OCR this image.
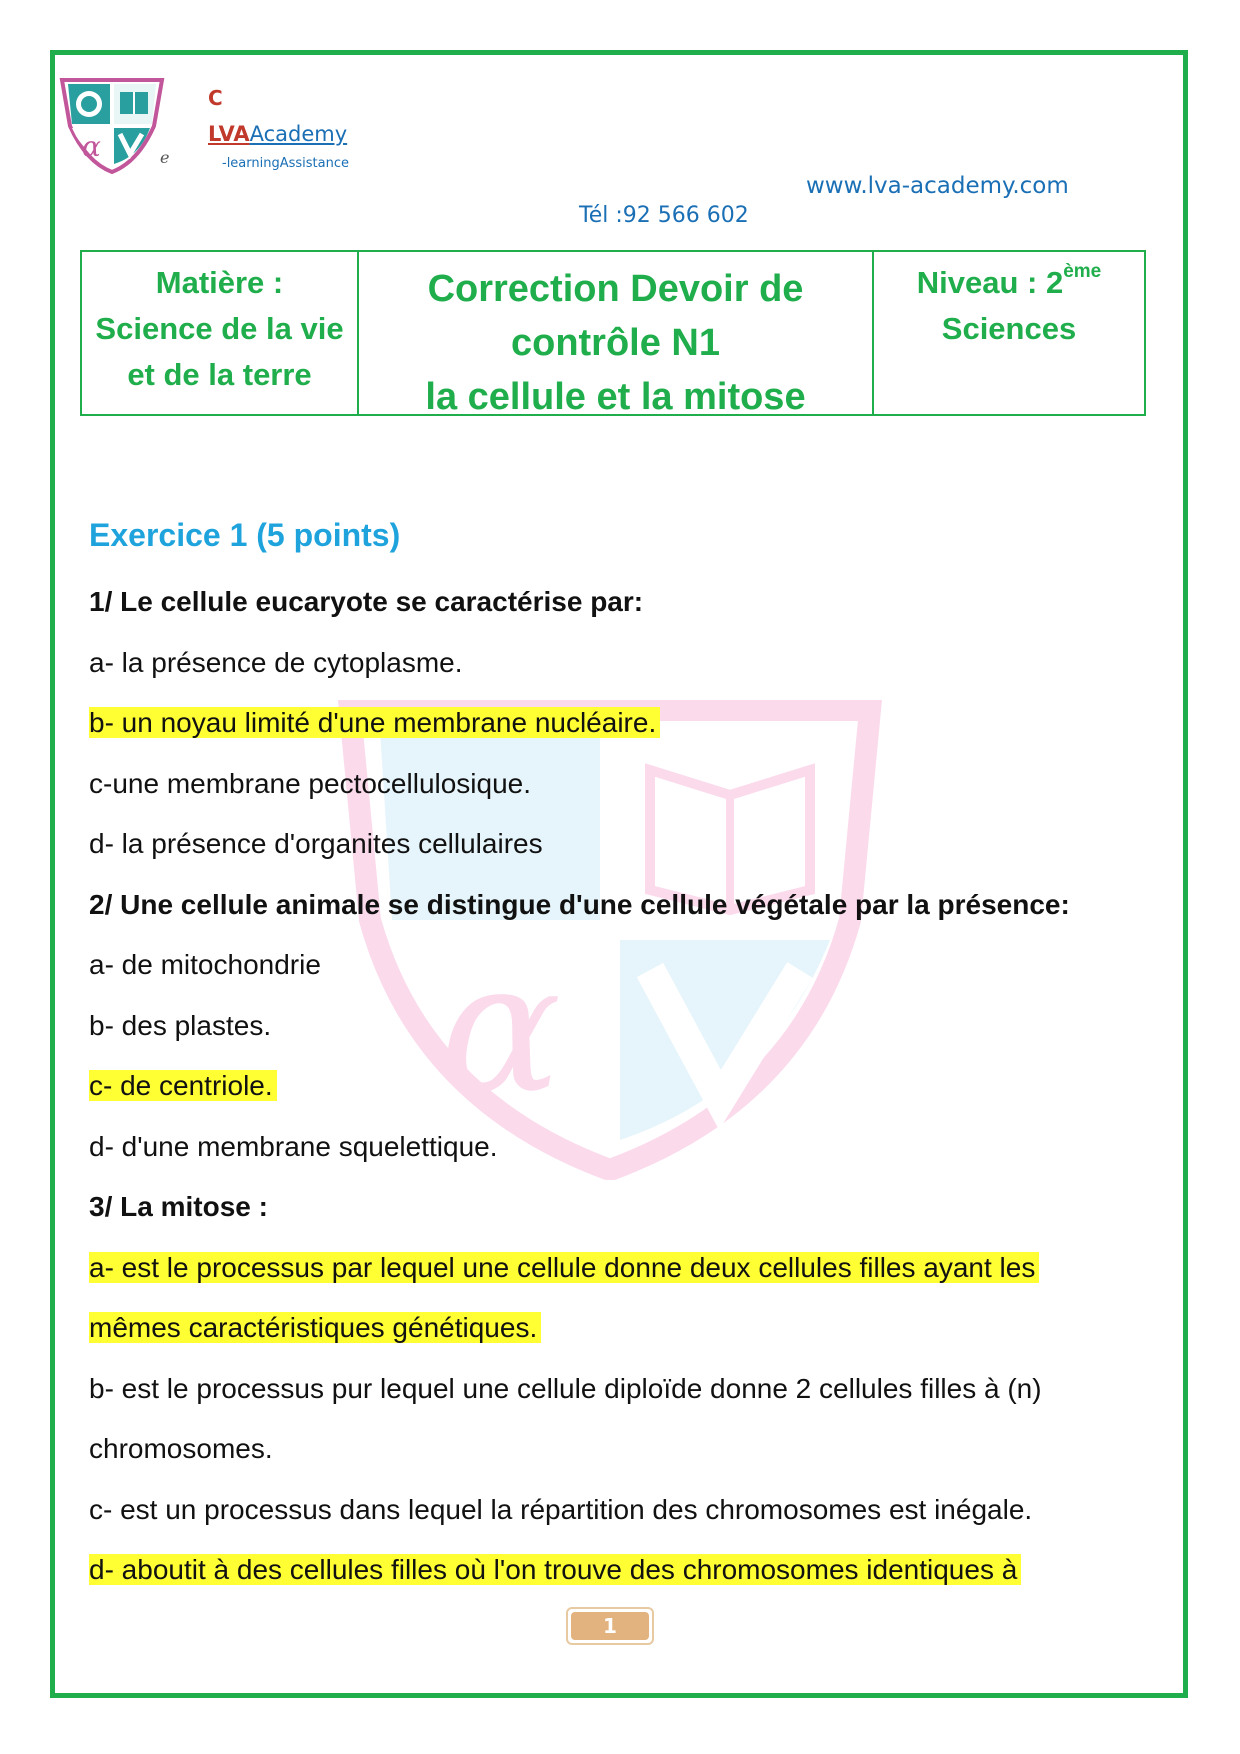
α	e
C
LVAAcademy
-learningAssistance
www.lva-academy.com
Tél :92 566 602
Matière :
Science de la vie
et de la terre
Correction Devoir de
contrôle N1
la cellule et la mitose
Niveau : 2ème
Sciences
α
Exercice 1 (5 points)
1/ Le cellule eucaryote se caractérise par:
a- la présence de cytoplasme.
b- un noyau limité d'une membrane nucléaire.
c-une membrane pectocellulosique.
d- la présence d'organites cellulaires
2/ Une cellule animale se distingue d'une cellule végétale par la présence:
a- de mitochondrie
b- des plastes.
c- de centriole.
d- d'une membrane squelettique.
3/ La mitose :
a- est le processus par lequel une cellule donne deux cellules filles ayant les
mêmes caractéristiques génétiques.
b- est le processus pur lequel une cellule diploïde donne 2 cellules filles à (n)
chromosomes.
c- est un processus dans lequel la répartition des chromosomes est inégale.
d- aboutit à des cellules filles où l'on trouve des chromosomes identiques à
1
